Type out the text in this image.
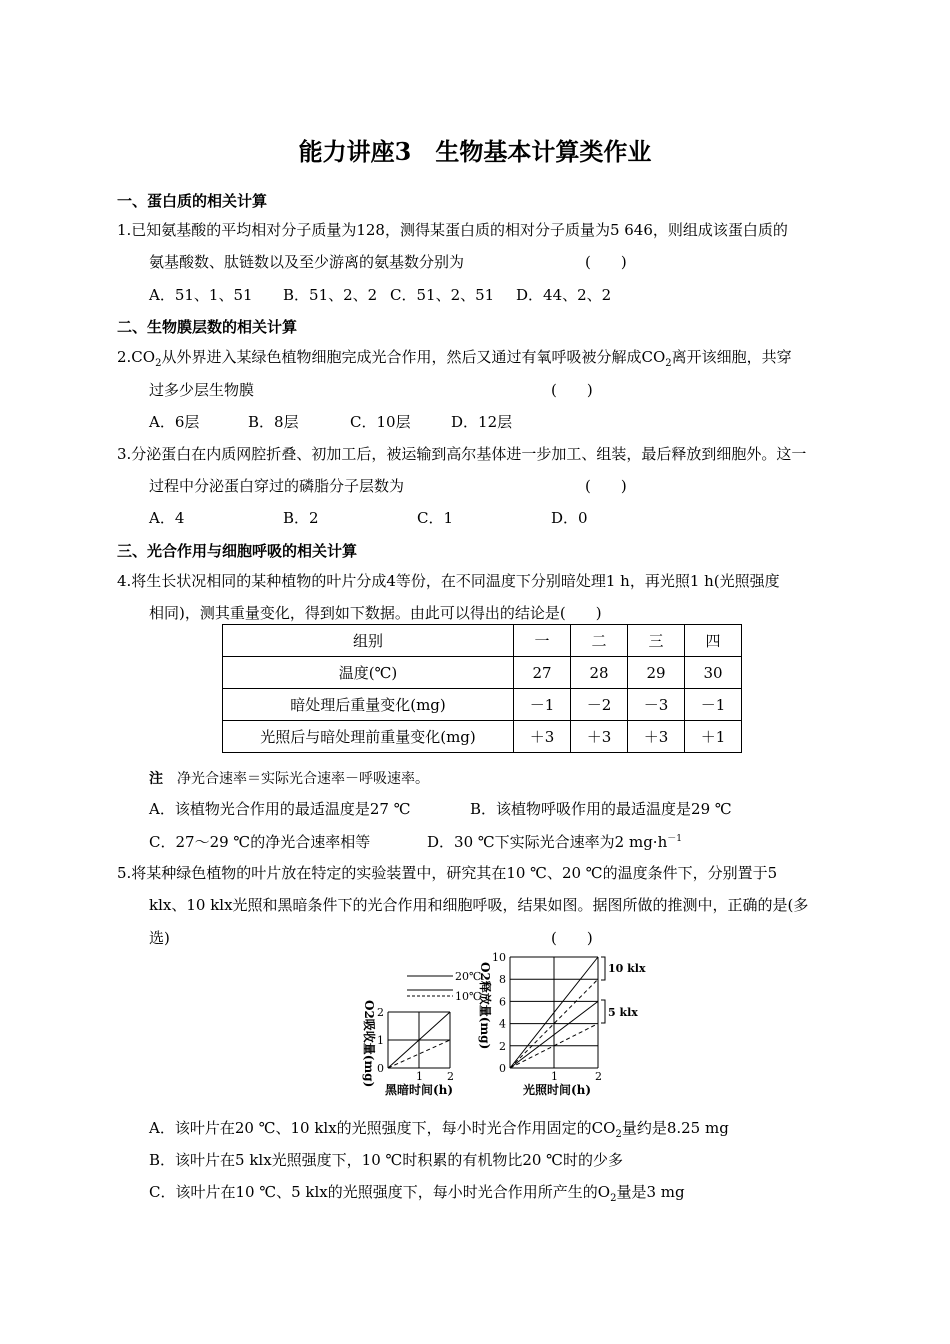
能力讲座3　生物基本计算类作业
一、蛋白质的相关计算
1.已知氨基酸的平均相对分子质量为128，测得某蛋白质的相对分子质量为5 646，则组成该蛋白质的
氨基酸数、肽链数以及至少游离的氨基数分别为	(　　)
A．51、1、51 B．51、2、2 C．51、2、51 D．44、2、2
二、生物膜层数的相关计算
$2.CO_2$从外界进入某绿色植物细胞完成光合作用，然后又通过有氧呼吸被分解成$CO_2$离开该细胞，共穿
过多少层生物膜	(　　)
A．6层	B．8层	C．10层	D．12层
3.分泌蛋白在内质网腔折叠、初加工后，被运输到高尔基体进一步加工、组装，最后释放到细胞外。这一
过程中分泌蛋白穿过的磷脂分子层数为	(　　)
A．4	B．2	C．1	D．0
三、光合作用与细胞呼吸的相关计算
4.将生长状况相同的某种植物的叶片分成4等份，在不同温度下分别暗处理1 h，再光照1 h(光照强度
相同)，测其重量变化，得到如下数据。由此可以得出的结论是(　　)
组别	一	二	三	四
温度(℃)	27	28	29	30
暗处理后重量变化(mg)	－1	－2	－3	－1
光照后与暗处理前重量变化(mg)	＋3	＋3	＋3	＋1
注 净光合速率＝实际光合速率－呼吸速率。
A．该植物光合作用的最适温度是27 ℃	B．该植物呼吸作用的最适温度是29 ℃
C．27～29 ℃的净光合速率相等	D．30 ℃下实际光合速率为2 $mg\cdot h^{-1}$
5.将某种绿色植物的叶片放在特定的实验装置中，研究其在10 ℃、20 ℃的温度条件下，分别置于5
klx、10 klx光照和黑暗条件下的光合作用和细胞呼吸，结果如图。据图所做的推测中，正确的是(多
选)	(　　)
20℃
10℃
1 2
0
1
2
黑暗时间(h)
O2吸收量(mg)	1	2
0
2
4
6
8
10
光照时间(h)
O2释放量(mg)	10 klx
5 klx
A．该叶片在20 ℃、10 klx的光照强度下，每小时光合作用固定的$CO_2$量约是8.25 mg
B．该叶片在5 klx光照强度下，10 ℃时积累的有机物比20 ℃时的少多
C．该叶片在10 ℃、5 klx的光照强度下，每小时光合作用所产生的$O_2$量是3 mg
